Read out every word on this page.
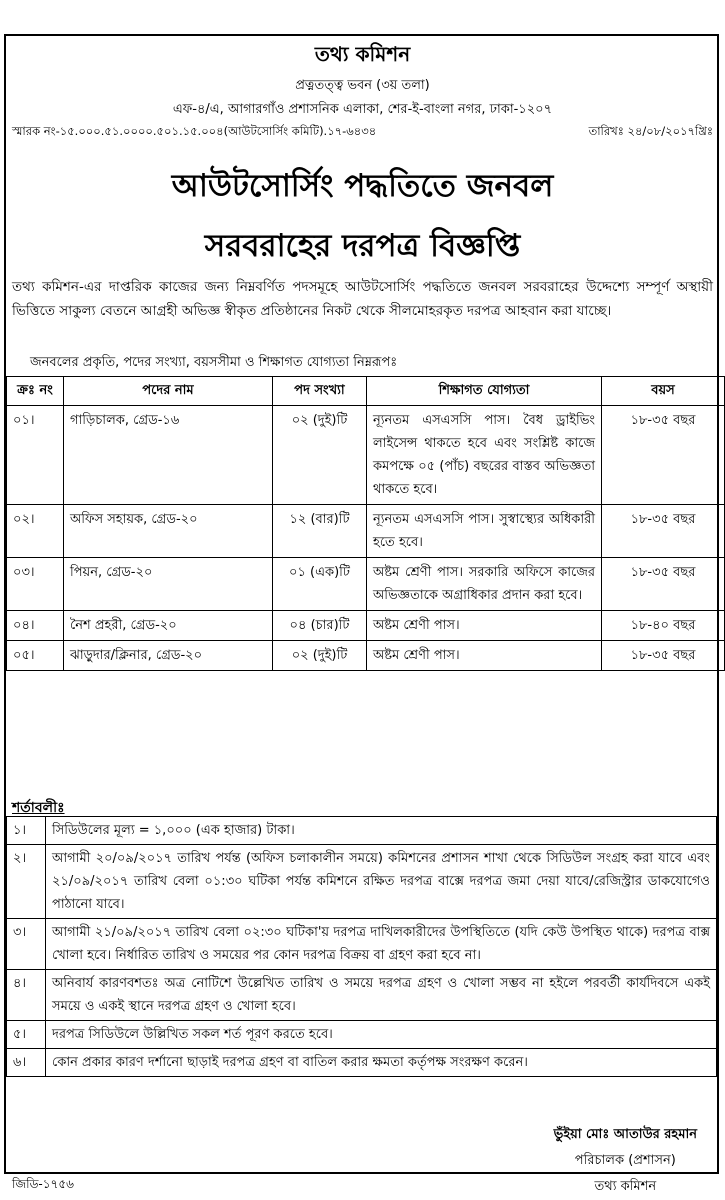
তথ্য কমিশন
প্রত্নতত্ত্ব ভবন (৩য় তলা)
এফ-৪/এ, আগারগাঁও প্রশাসনিক এলাকা, শের-ই-বাংলা নগর, ঢাকা-১২০৭
স্মারক নং-১৫.০০০.৫১.০০০০.৫০১.১৫.০০৪(আউটসোর্সিং কমিটি).১৭-৬৪৩৪	তারিখঃ ২৪/০৮/২০১৭খ্রিঃ
আউটসোর্সিং পদ্ধতিতে জনবল
সরবরাহের দরপত্র বিজ্ঞপ্তি
তথ্য কমিশন-এর দাপ্তরিক কাজের জন্য নিম্নবর্ণিত পদসমূহে আউটসোর্সিং পদ্ধতিতে জনবল সরবরাহের উদ্দেশ্যে সম্পূর্ণ অস্থায়ী ভিত্তিতে সাকুল্য বেতনে আগ্রহী অভিজ্ঞ স্বীকৃত প্রতিষ্ঠানের নিকট থেকে সীলমোহরকৃত দরপত্র আহবান করা যাচ্ছে।
জনবলের প্রকৃতি, পদের সংখ্যা, বয়সসীমা ও শিক্ষাগত যোগ্যতা নিম্নরূপঃ
ক্রঃ নং	পদের নাম	পদ সংখ্যা	শিক্ষাগত যোগ্যতা	বয়স
০১।	গাড়িচালক, গ্রেড-১৬	০২ (দুই)টি	ন্যূনতম এসএসসি পাস। বৈধ ড্রাইভিং লাইসেন্স থাকতে হবে এবং সংশ্লিষ্ট কাজে কমপক্ষে ০৫ (পাঁচ) বছরের বাস্তব অভিজ্ঞতা থাকতে হবে।	১৮-৩৫ বছর
০২।	অফিস সহায়ক, গ্রেড-২০	১২ (বার)টি	ন্যূনতম এসএসসি পাস। সুস্বাস্থ্যের অধিকারী হতে হবে।	১৮-৩৫ বছর
০৩।	পিয়ন, গ্রেড-২০	০১ (এক)টি	অষ্টম শ্রেণী পাস। সরকারি অফিসে কাজের অভিজ্ঞতাকে অগ্রাধিকার প্রদান করা হবে।	১৮-৩৫ বছর
০৪।	নৈশ প্রহরী, গ্রেড-২০	০৪ (চার)টি	অষ্টম শ্রেণী পাস।	১৮-৪০ বছর
০৫।	ঝাড়ুদার/ক্লিনার, গ্রেড-২০	০২ (দুই)টি	অষ্টম শ্রেণী পাস।	১৮-৩৫ বছর
শর্তাবলীঃ
১।	সিডিউলের মূল্য = ১,০০০ (এক হাজার) টাকা।
২।	আগামী ২০/০৯/২০১৭ তারিখ পর্যন্ত (অফিস চলাকালীন সময়ে) কমিশনের প্রশাসন শাখা থেকে সিডিউল সংগ্রহ করা যাবে এবং ২১/০৯/২০১৭ তারিখ বেলা ০১:৩০ ঘটিকা পর্যন্ত কমিশনে রক্ষিত দরপত্র বাক্সে দরপত্র জমা দেয়া যাবে/রেজিস্ট্রার ডাকযোগেও পাঠানো যাবে।
৩।	আগামী ২১/০৯/২০১৭ তারিখ বেলা ০২:৩০ ঘটিকা'য় দরপত্র দাখিলকারীদের উপস্থিতিতে (যদি কেউ উপস্থিত থাকে) দরপত্র বাক্স খোলা হবে। নির্ধারিত তারিখ ও সময়ের পর কোন দরপত্র বিক্রয় বা গ্রহণ করা হবে না।
৪।	অনিবার্য কারণবশতঃ অত্র নোটিশে উল্লেখিত তারিখ ও সময়ে দরপত্র গ্রহণ ও খোলা সম্ভব না হইলে পরবর্তী কার্যদিবসে একই সময়ে ও একই স্থানে দরপত্র গ্রহণ ও খোলা হবে।
৫।	দরপত্র সিডিউলে উল্লিখিত সকল শর্ত পূরণ করতে হবে।
৬।	কোন প্রকার কারণ দর্শানো ছাড়াই দরপত্র গ্রহণ বা বাতিল করার ক্ষমতা কর্তৃপক্ষ সংরক্ষণ করেন।
ভুঁইয়া মোঃ আতাউর রহমান
পরিচালক (প্রশাসন)
তথ্য কমিশন
জিডি-১৭৫৬
